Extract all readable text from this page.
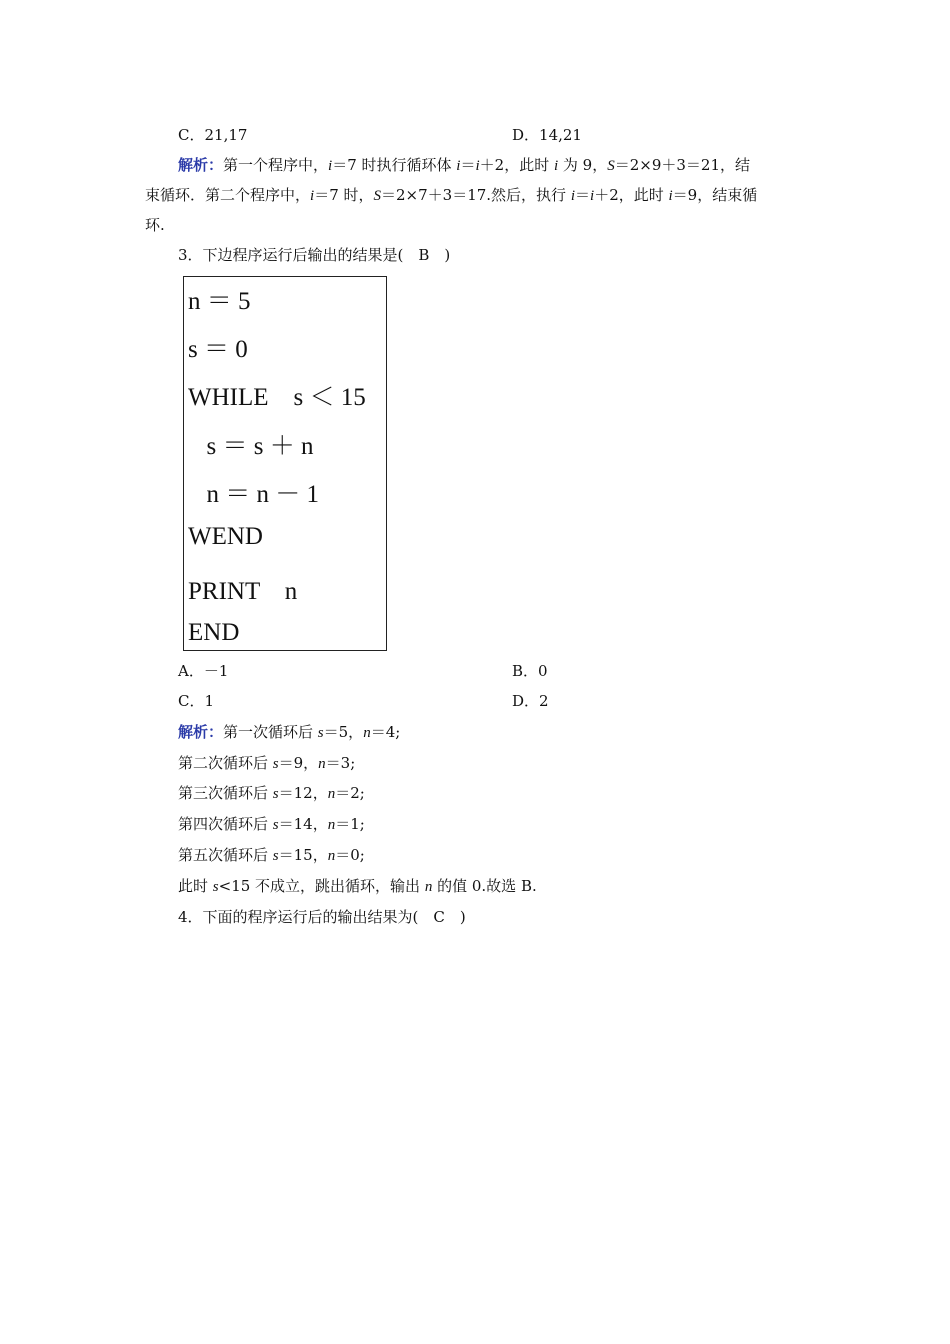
C．21,17	D．14,21
解析：第一个程序中，i＝7 时执行循环体 i＝i＋2，此时 i 为 9，S＝2×9＋3＝21，结
束循环．第二个程序中，i＝7 时，S＝2×7＋3＝17.然后，执行 i＝i＋2，此时 i＝9，结束循
环.
3．下边程序运行后输出的结果是(　B　)
n ＝ 5
s ＝ 0
WHILE　s ＜ 15
s ＝ s ＋ n
n ＝ n － 1
WEND
PRINT　n
END
A．－1	B．0
C．1	D．2
解析：第一次循环后 s＝5，n＝4;
第二次循环后 s＝9，n＝3;
第三次循环后 s＝12，n＝2;
第四次循环后 s＝14，n＝1;
第五次循环后 s＝15，n＝0;
此时 s<15 不成立，跳出循环，输出 n 的值 0.故选 B.
4．下面的程序运行后的输出结果为(　C　)
